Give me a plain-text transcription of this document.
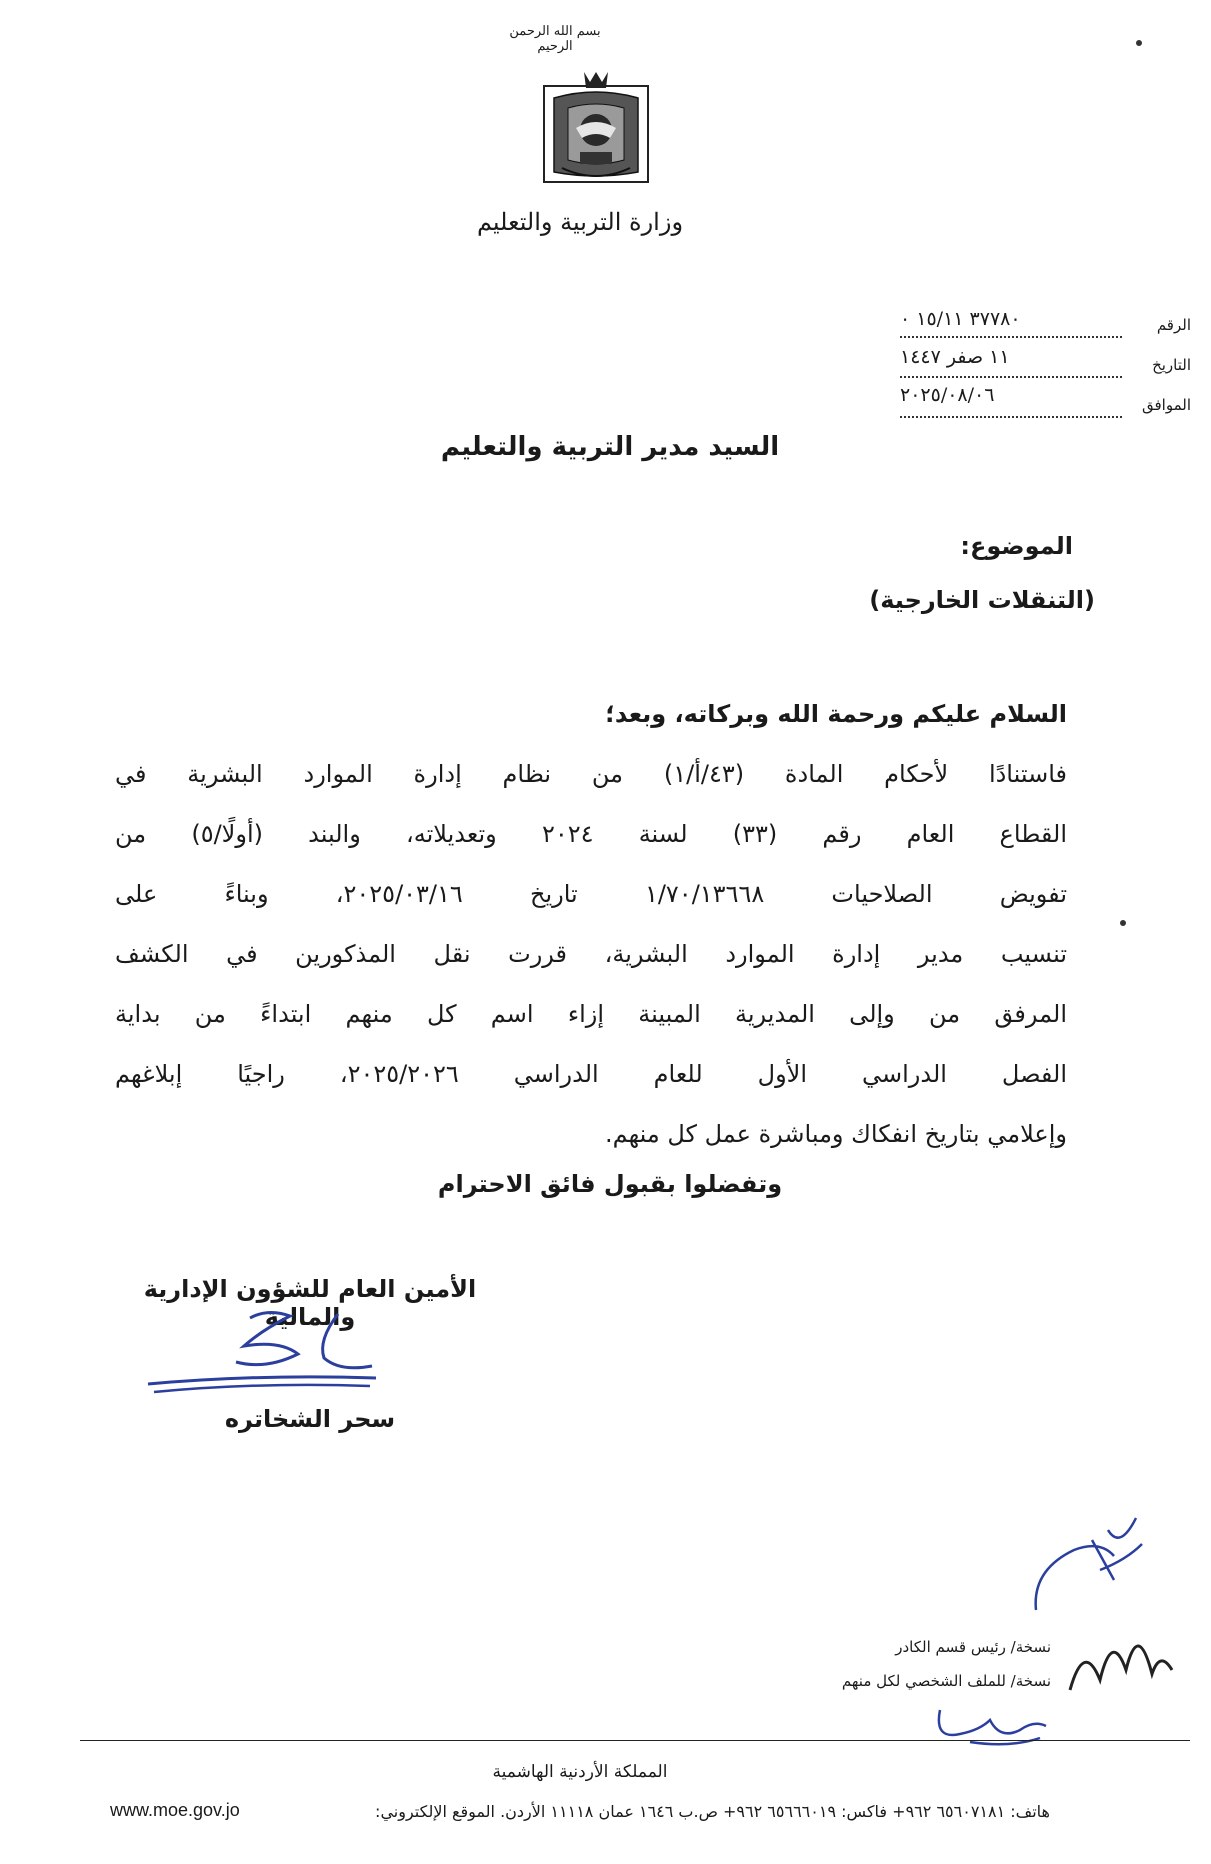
بسم الله الرحمن الرحيم
وزارة التربية والتعليم
الرقم
٣٧٧٨٠ ١٥/١١ ٠
التاريخ
١١ صفر ١٤٤٧
الموافق
٢٠٢٥/٠٨/٠٦
السيد مدير التربية والتعليم
الموضوع:
(التنقلات الخارجية)
السلام عليكم ورحمة الله وبركاته، وبعد؛
فاستنادًا لأحكام المادة (٤٣/أ/١) من نظام إدارة الموارد البشرية في
القطاع العام رقم (٣٣) لسنة ٢٠٢٤ وتعديلاته، والبند (أولًا/٥) من
تفويض الصلاحيات ١/٧٠/١٣٦٦٨ تاريخ ٢٠٢٥/٠٣/١٦، وبناءً على
تنسيب مدير إدارة الموارد البشرية، قررت نقل المذكورين في الكشف
المرفق من وإلى المديرية المبينة إزاء اسم كل منهم ابتداءً من بداية
الفصل الدراسي الأول للعام الدراسي ٢٠٢٥/٢٠٢٦، راجيًا إبلاغهم
وإعلامي بتاريخ انفكاك ومباشرة عمل كل منهم.
وتفضلوا بقبول فائق الاحترام
الأمين العام للشؤون الإدارية والمالية
سحر الشخاتره
نسخة/ رئيس قسم الكادر
نسخة/ للملف الشخصي لكل منهم
المملكة الأردنية الهاشمية
هاتف: ٦٥٦٠٧١٨١ ٩٦٢+ فاكس: ٦٥٦٦٦٠١٩ ٩٦٢+ ص.ب ١٦٤٦ عمان ١١١١٨ الأردن. الموقع الإلكتروني:
www.moe.gov.jo
